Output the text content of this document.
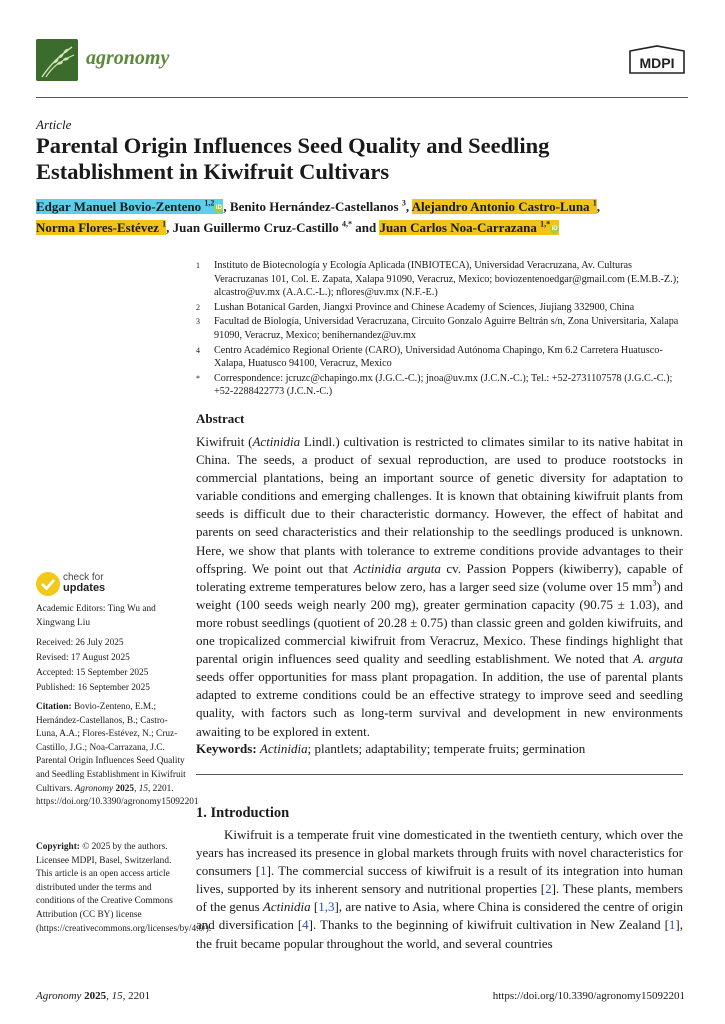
agronomy	MDPI
Article
Parental Origin Influences Seed Quality and Seedling Establishment in Kiwifruit Cultivars
Edgar Manuel Bovio-Zenteno $^{1,2}$iD , Benito Hernández-Castellanos $^3$, Alejandro Antonio Castro-Luna $^1$,
Norma Flores-Estévez $^1$, Juan Guillermo Cruz-Castillo $^{4,*}$ and Juan Carlos Noa-Carrazana $^{1,*}$iD
1	Instituto de Biotecnología y Ecología Aplicada (INBIOTECA), Universidad Veracruzana, Av. Culturas Veracruzanas 101, Col. E. Zapata, Xalapa 91090, Veracruz, Mexico; boviozentenoedgar@gmail.com (E.M.B.-Z.); alcastro@uv.mx (A.A.C.-L.); nflores@uv.mx (N.F.-E.)
2	Lushan Botanical Garden, Jiangxi Province and Chinese Academy of Sciences, Jiujiang 332900, China
3	Facultad de Biología, Universidad Veracruzana, Circuito Gonzalo Aguirre Beltrán s/n, Zona Universitaria, Xalapa 91090, Veracruz, Mexico; benihernandez@uv.mx
4	Centro Académico Regional Oriente (CARO), Universidad Autónoma Chapingo, Km 6.2 Carretera Huatusco-Xalapa, Huatusco 94100, Veracruz, Mexico
*	Correspondence: jcruzc@chapingo.mx (J.G.C.-C.); jnoa@uv.mx (J.C.N.-C.); Tel.: +52-2731107578 (J.G.C.-C.); +52-2288422773 (J.C.N.-C.)
Abstract
Kiwifruit (Actinidia Lindl.) cultivation is restricted to climates similar to its native habitat in China. The seeds, a product of sexual reproduction, are used to produce rootstocks in commercial plantations, being an important source of genetic diversity for adaptation to variable conditions and emerging challenges. It is known that obtaining kiwifruit plants from seeds is difficult due to their characteristic dormancy. However, the effect of habitat and parents on seed characteristics and their relationship to the seedlings produced is unknown. Here, we show that plants with tolerance to extreme conditions provide advantages to their offspring. We point out that Actinidia arguta cv. Passion Poppers (kiwiberry), capable of tolerating extreme temperatures below zero, has a larger seed size (volume over 15 $mm^3$) and weight (100 seeds weigh nearly 200 mg), greater germination capacity (90.75 ± 1.03), and more robust seedlings (quotient of 20.28 ± 0.75) than classic green and golden kiwifruits, and one tropicalized commercial kiwifruit from Veracruz, Mexico. These findings highlight that parental origin influences seed quality and seedling establishment. We noted that A. arguta seeds offer opportunities for mass plant propagation. In addition, the use of parental plants adapted to extreme conditions could be an effective strategy to improve seed and seedling quality, with factors such as long-term survival and development in new environments awaiting to be explored in extent.
Keywords: Actinidia; plantlets; adaptability; temperate fruits; germination
1. Introduction
Kiwifruit is a temperate fruit vine domesticated in the twentieth century, which over the years has increased its presence in global markets through fruits with novel characteristics for consumers [1]. The commercial success of kiwifruit is a result of its integration into human lives, supported by its inherent sensory and nutritional properties [2]. These plants, members of the genus Actinidia [1,3], are native to Asia, where China is considered the centre of origin and diversification [4]. Thanks to the beginning of kiwifruit cultivation in New Zealand [1], the fruit became popular throughout the world, and several countries
check for
updates
Academic Editors: Ting Wu and Xingwang Liu
Received: 26 July 2025
Revised: 17 August 2025
Accepted: 15 September 2025
Published: 16 September 2025
Citation: Bovio-Zenteno, E.M.; Hernández-Castellanos, B.; Castro-Luna, A.A.; Flores-Estévez, N.; Cruz-Castillo, J.G.; Noa-Carrazana, J.C. Parental Origin Influences Seed Quality and Seedling Establishment in Kiwifruit Cultivars. Agronomy 2025, 15, 2201. https://doi.org/10.3390/agronomy15092201
Copyright: © 2025 by the authors. Licensee MDPI, Basel, Switzerland. This article is an open access article distributed under the terms and conditions of the Creative Commons Attribution (CC BY) license (https://creativecommons.org/licenses/by/4.0/).
Agronomy 2025, 15, 2201	https://doi.org/10.3390/agronomy15092201
